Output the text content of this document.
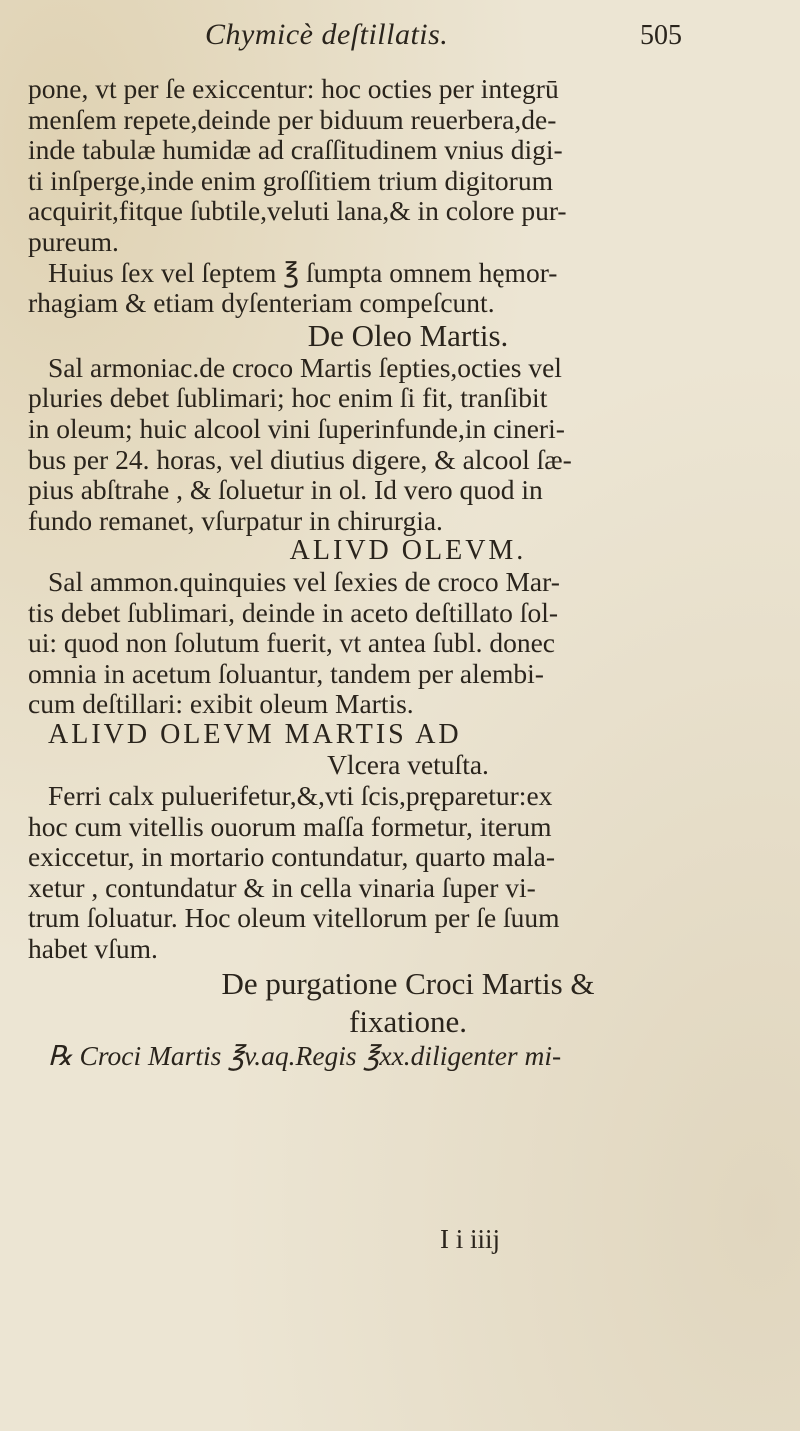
Chymicè deſtillatis.	505
pone, vt per ſe exiccentur: hoc octies per integrū
menſem repete,deinde per biduum reuerbera,de-
inde tabulæ humidæ ad craſſitudinem vnius digi-
ti inſperge,inde enim groſſitiem trium digitorum
acquirit,fitque ſubtile,veluti lana,& in colore pur-
pureum.
Huius ſex vel ſeptem ℥ ſumpta omnem hęmor-
rhagiam & etiam dyſenteriam compeſcunt.
De Oleo Martis.
Sal armoniac.de croco Martis ſepties,octies vel
pluries debet ſublimari; hoc enim ſi fit, tranſibit
in oleum; huic alcool vini ſuperinfunde,in cineri-
bus per 24. horas, vel diutius digere, & alcool ſæ-
pius abſtrahe , & ſoluetur in ol. Id vero quod in
fundo remanet, vſurpatur in chirurgia.
ALIVD OLEVM.
Sal ammon.quinquies vel ſexies de croco Mar-
tis debet ſublimari, deinde in aceto deſtillato ſol-
ui: quod non ſolutum fuerit, vt antea ſubl. donec
omnia in acetum ſoluantur, tandem per alembi-
cum deſtillari: exibit oleum Martis.
ALIVD OLEVM MARTIS AD
Vlcera vetuſta.
Ferri calx puluerifetur,&,vti ſcis,pręparetur:ex
hoc cum vitellis ouorum maſſa formetur, iterum
exiccetur, in mortario contundatur, quarto mala-
xetur , contundatur & in cella vinaria ſuper vi-
trum ſoluatur. Hoc oleum vitellorum per ſe ſuum
habet vſum.
De purgatione Croci Martis &
fixatione.
℞ Croci Martis ℥v.aq.Regis ℥xx.diligenter mi-
I i iiij
